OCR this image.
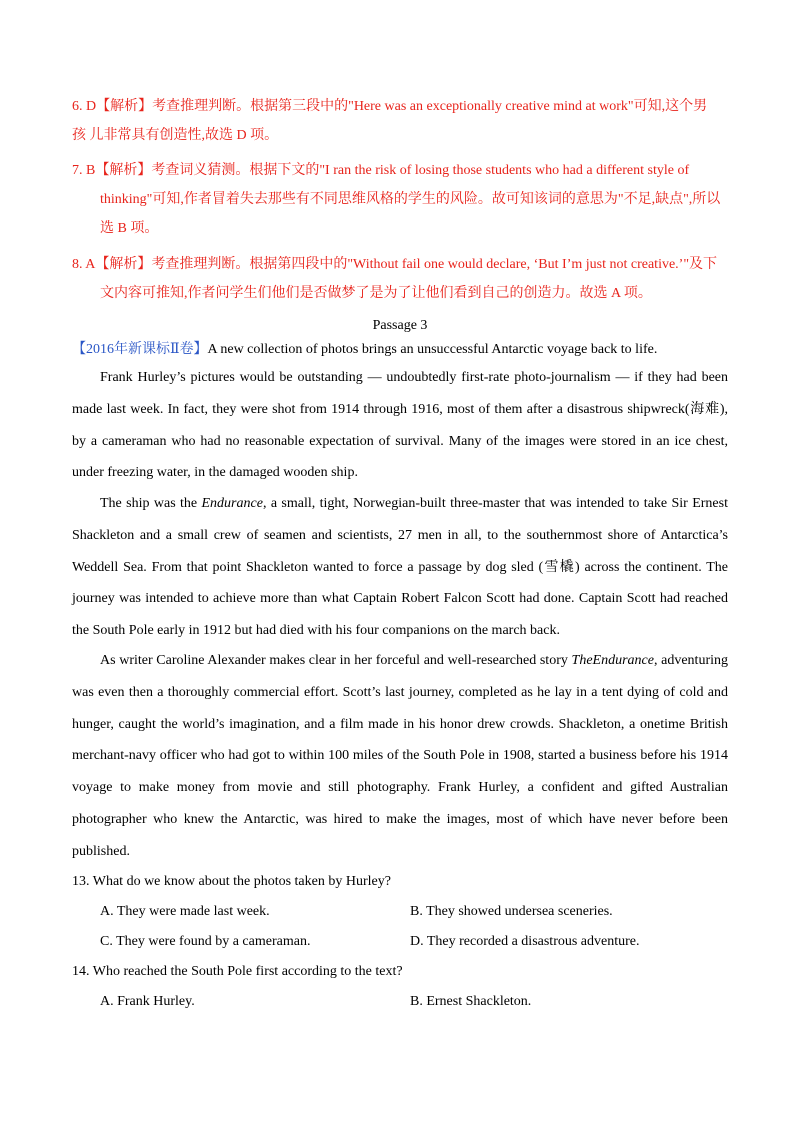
6. D【解析】考查推理判断。根据第三段中的"Here was an exceptionally creative mind at work"可知,这个男
孩 儿非常具有创造性,故选 D 项。
7. B【解析】考查词义猜测。根据下文的"I ran the risk of losing those students who had a different style of
thinking"可知,作者冒着失去那些有不同思维风格的学生的风险。故可知该词的意思为"不足,缺点",所以
选 B 项。
8. A【解析】考查推理判断。根据第四段中的"Without fail one would declare, ‘But I’m just not creative.’"及下
文内容可推知,作者问学生们他们是否做梦了是为了让他们看到自己的创造力。故选 A 项。

Passage 3

【2016年新课标Ⅱ卷】A new collection of photos brings an unsuccessful Antarctic voyage back to life.

Frank Hurley’s pictures would be outstanding — undoubtedly first-rate photo-journalism — if they had been made last week. In fact, they were shot from 1914 through 1916, most of them after a disastrous shipwreck(海难), by a cameraman who had no reasonable expectation of survival. Many of the images were stored in an ice chest, under freezing water, in the damaged wooden ship.

The ship was the Endurance, a small, tight, Norwegian-built three-master that was intended to take Sir Ernest Shackleton and a small crew of seamen and scientists, 27 men in all, to the southernmost shore of Antarctica’s Weddell Sea. From that point Shackleton wanted to force a passage by dog sled (雪橇) across the continent. The journey was intended to achieve more than what Captain Robert Falcon Scott had done. Captain Scott had reached the South Pole early in 1912 but had died with his four companions on the march back.

As writer Caroline Alexander makes clear in her forceful and well-researched story TheEndurance, adventuring was even then a thoroughly commercial effort. Scott’s last journey, completed as he lay in a tent dying of cold and hunger, caught the world’s imagination, and a film made in his honor drew crowds. Shackleton, a onetime British merchant-navy officer who had got to within 100 miles of the South Pole in 1908, started a business before his 1914 voyage to make money from movie and still photography. Frank Hurley, a confident and gifted Australian photographer who knew the Antarctic, was hired to make the images, most of which have never before been published.

13. What do we know about the photos taken by Hurley?

A. They were made last week.	B. They showed undersea sceneries.

C. They were found by a cameraman.	D. They recorded a disastrous adventure.

14. Who reached the South Pole first according to the text?

A. Frank Hurley.	B. Ernest Shackleton.
